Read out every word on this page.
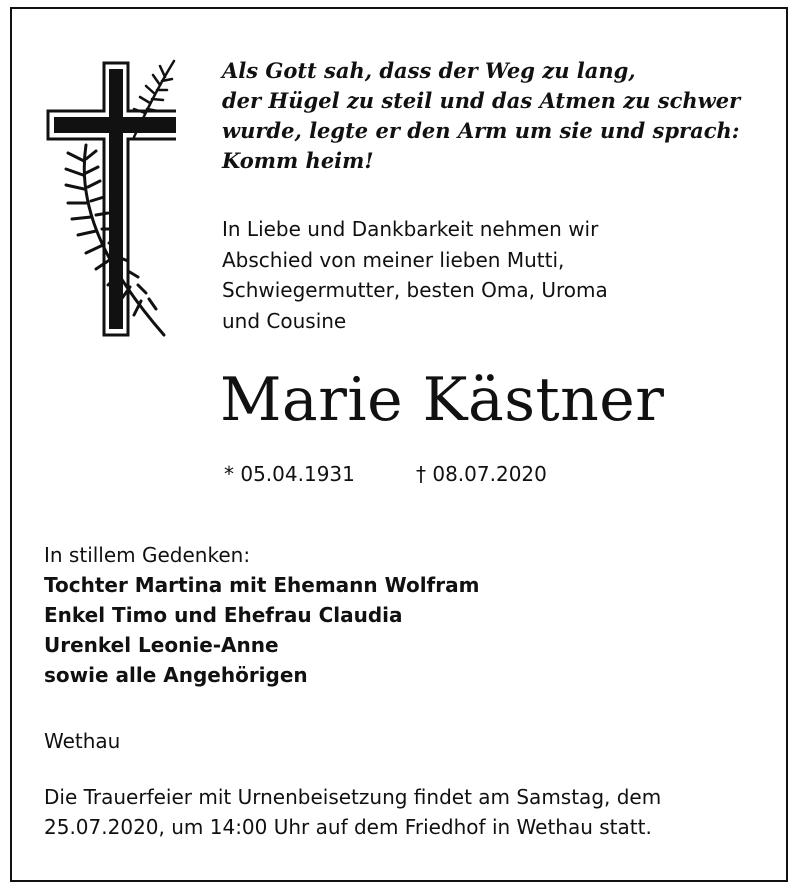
Als Gott sah, dass der Weg zu lang,
der Hügel zu steil und das Atmen zu schwer
wurde, legte er den Arm um sie und sprach:
Komm heim!
In Liebe und Dankbarkeit nehmen wir
Abschied von meiner lieben Mutti,
Schwiegermutter, besten Oma, Uroma
und Cousine
Marie Kästner
* 05.04.1931	† 08.07.2020
In stillem Gedenken:
Tochter Martina mit Ehemann Wolfram
Enkel Timo und Ehefrau Claudia
Urenkel Leonie-Anne
sowie alle Angehörigen
Wethau
Die Trauerfeier mit Urnenbeisetzung findet am Samstag, dem
25.07.2020, um 14:00 Uhr auf dem Friedhof in Wethau statt.
